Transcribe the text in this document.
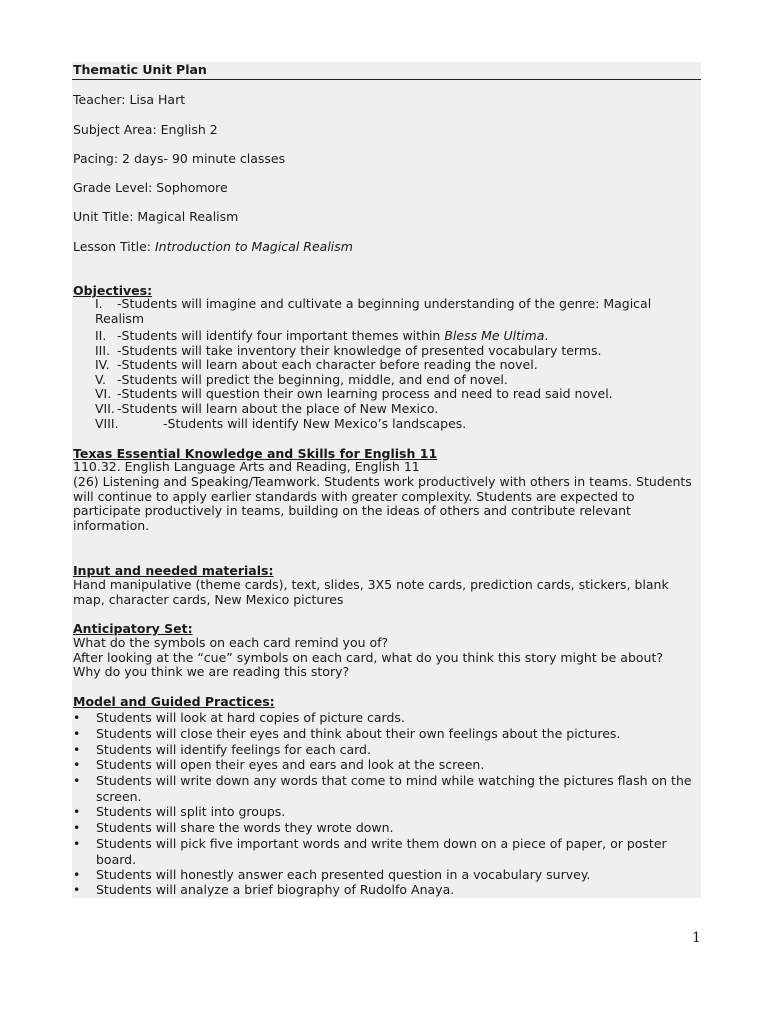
Thematic Unit Plan
Teacher: Lisa Hart
Subject Area: English 2
Pacing: 2 days- 90 minute classes
Grade Level: Sophomore
Unit Title: Magical Realism
Lesson Title: Introduction to Magical Realism
Objectives:
I. -Students will imagine and cultivate a beginning understanding of the genre: Magical
Realism
II. -Students will identify four important themes within Bless Me Ultima.
III. -Students will take inventory their knowledge of presented vocabulary terms.
IV. -Students will learn about each character before reading the novel.
V. -Students will predict the beginning, middle, and end of novel.
VI. -Students will question their own learning process and need to read said novel.
VII. -Students will learn about the place of New Mexico.
VIII.	-Students will identify New Mexico’s landscapes.
Texas Essential Knowledge and Skills for English 11
110.32. English Language Arts and Reading, English 11
(26) Listening and Speaking/Teamwork. Students work productively with others in teams. Students will continue to apply earlier standards with greater complexity. Students are expected to participate productively in teams, building on the ideas of others and contribute relevant information.
Input and needed materials:
Hand manipulative (theme cards), text, slides, 3X5 note cards, prediction cards, stickers, blank map, character cards, New Mexico pictures
Anticipatory Set:
What do the symbols on each card remind you of?
After looking at the “cue” symbols on each card, what do you think this story might be about?
Why do you think we are reading this story?
Model and Guided Practices:
• Students will look at hard copies of picture cards.
• Students will close their eyes and think about their own feelings about the pictures.
• Students will identify feelings for each card.
• Students will open their eyes and ears and look at the screen.
• Students will write down any words that come to mind while watching the pictures flash on the screen.
• Students will split into groups.
• Students will share the words they wrote down.
• Students will pick five important words and write them down on a piece of paper, or poster board.
• Students will honestly answer each presented question in a vocabulary survey.
• Students will analyze a brief biography of Rudolfo Anaya.
1
